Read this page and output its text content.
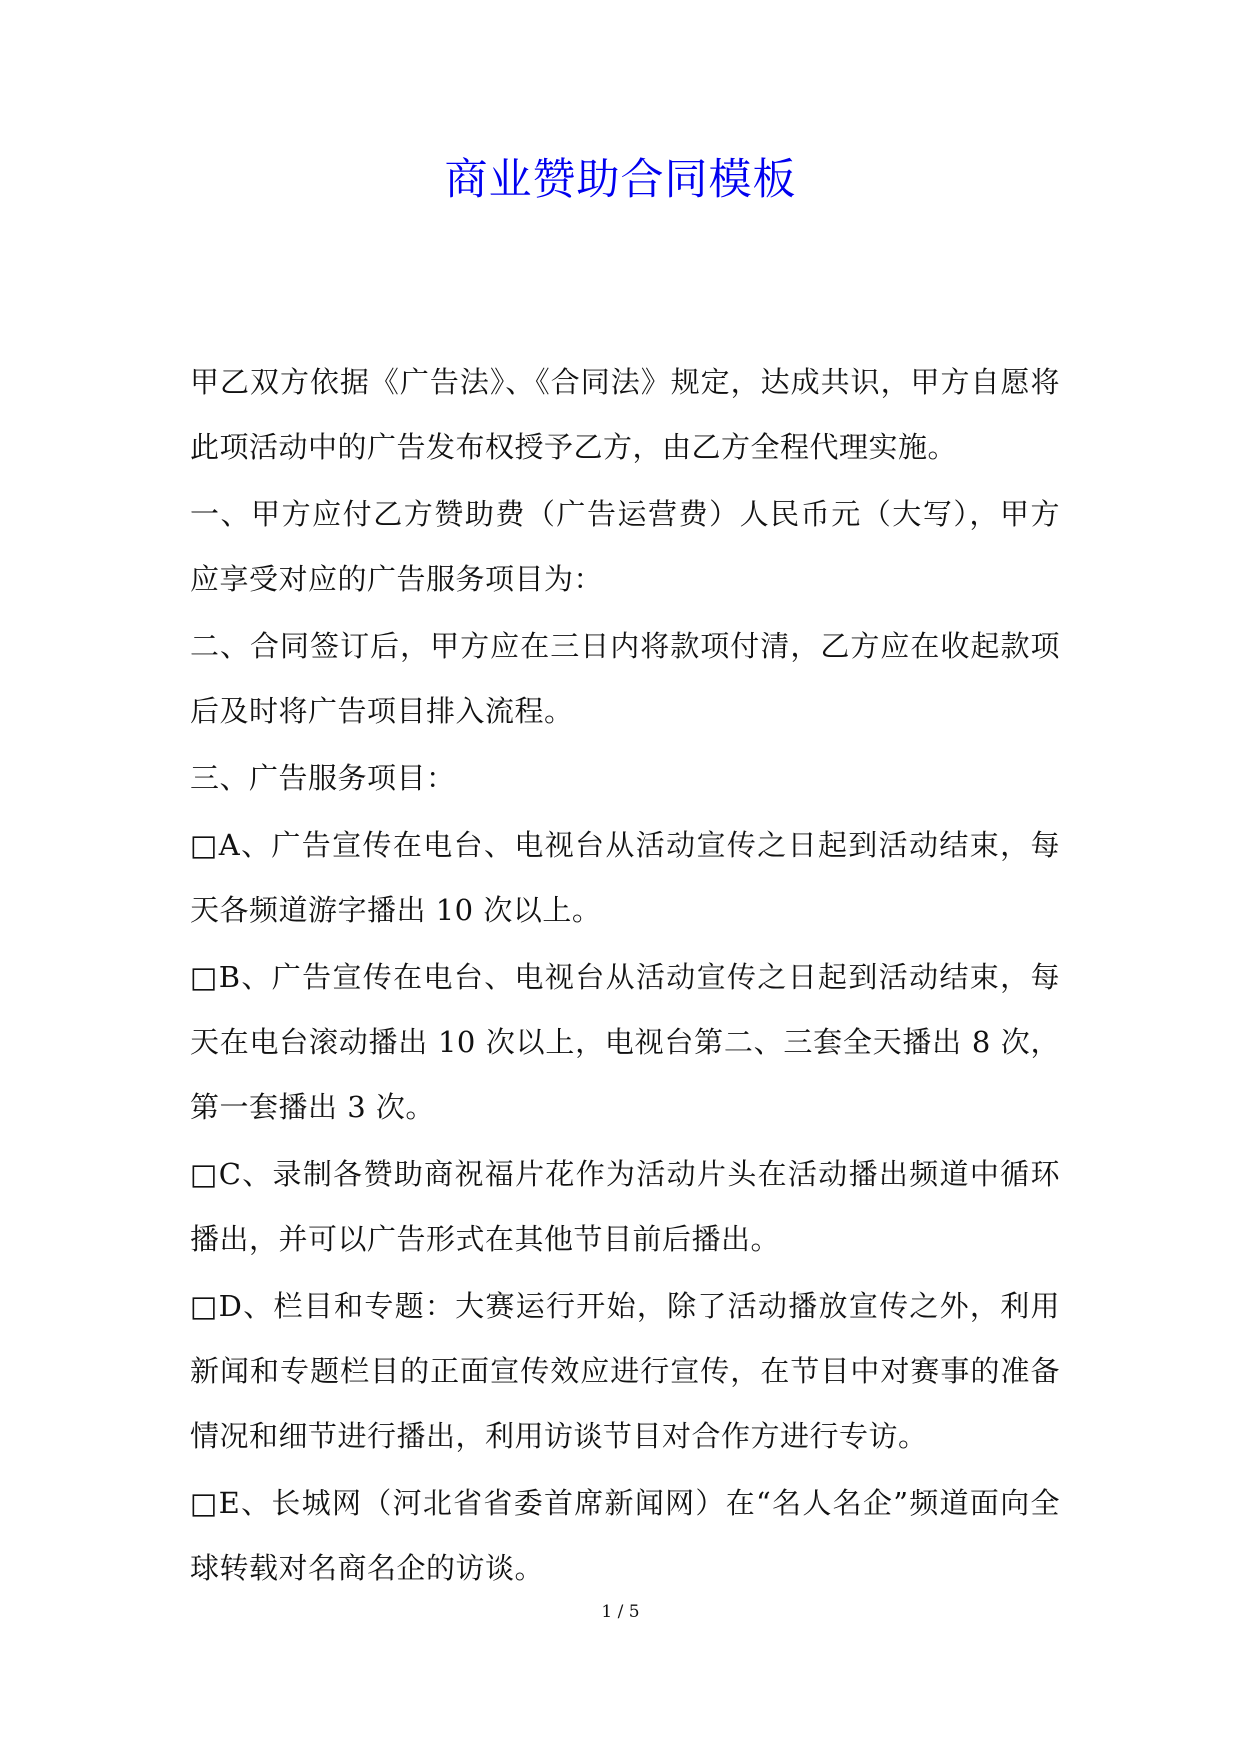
商业赞助合同模板

甲乙双方依据《广告法》、《合同法》规定，达成共识，甲方自愿将此项活动中的广告发布权授予乙方，由乙方全程代理实施。

一、甲方应付乙方赞助费（广告运营费）人民币元（大写），甲方应享受对应的广告服务项目为：

二、合同签订后，甲方应在三日内将款项付清，乙方应在收起款项后及时将广告项目排入流程。

三、广告服务项目：

□A、广告宣传在电台、电视台从活动宣传之日起到活动结束，每天各频道游字播出 10 次以上。

□B、广告宣传在电台、电视台从活动宣传之日起到活动结束，每天在电台滚动播出 10 次以上，电视台第二、三套全天播出 8 次，第一套播出 3 次。

□C、录制各赞助商祝福片花作为活动片头在活动播出频道中循环播出，并可以广告形式在其他节目前后播出。

□D、栏目和专题：大赛运行开始，除了活动播放宣传之外，利用新闻和专题栏目的正面宣传效应进行宣传，在节目中对赛事的准备情况和细节进行播出，利用访谈节目对合作方进行专访。

□E、长城网（河北省省委首席新闻网）在“名人名企”频道面向全球转载对名商名企的访谈。

1 / 5
